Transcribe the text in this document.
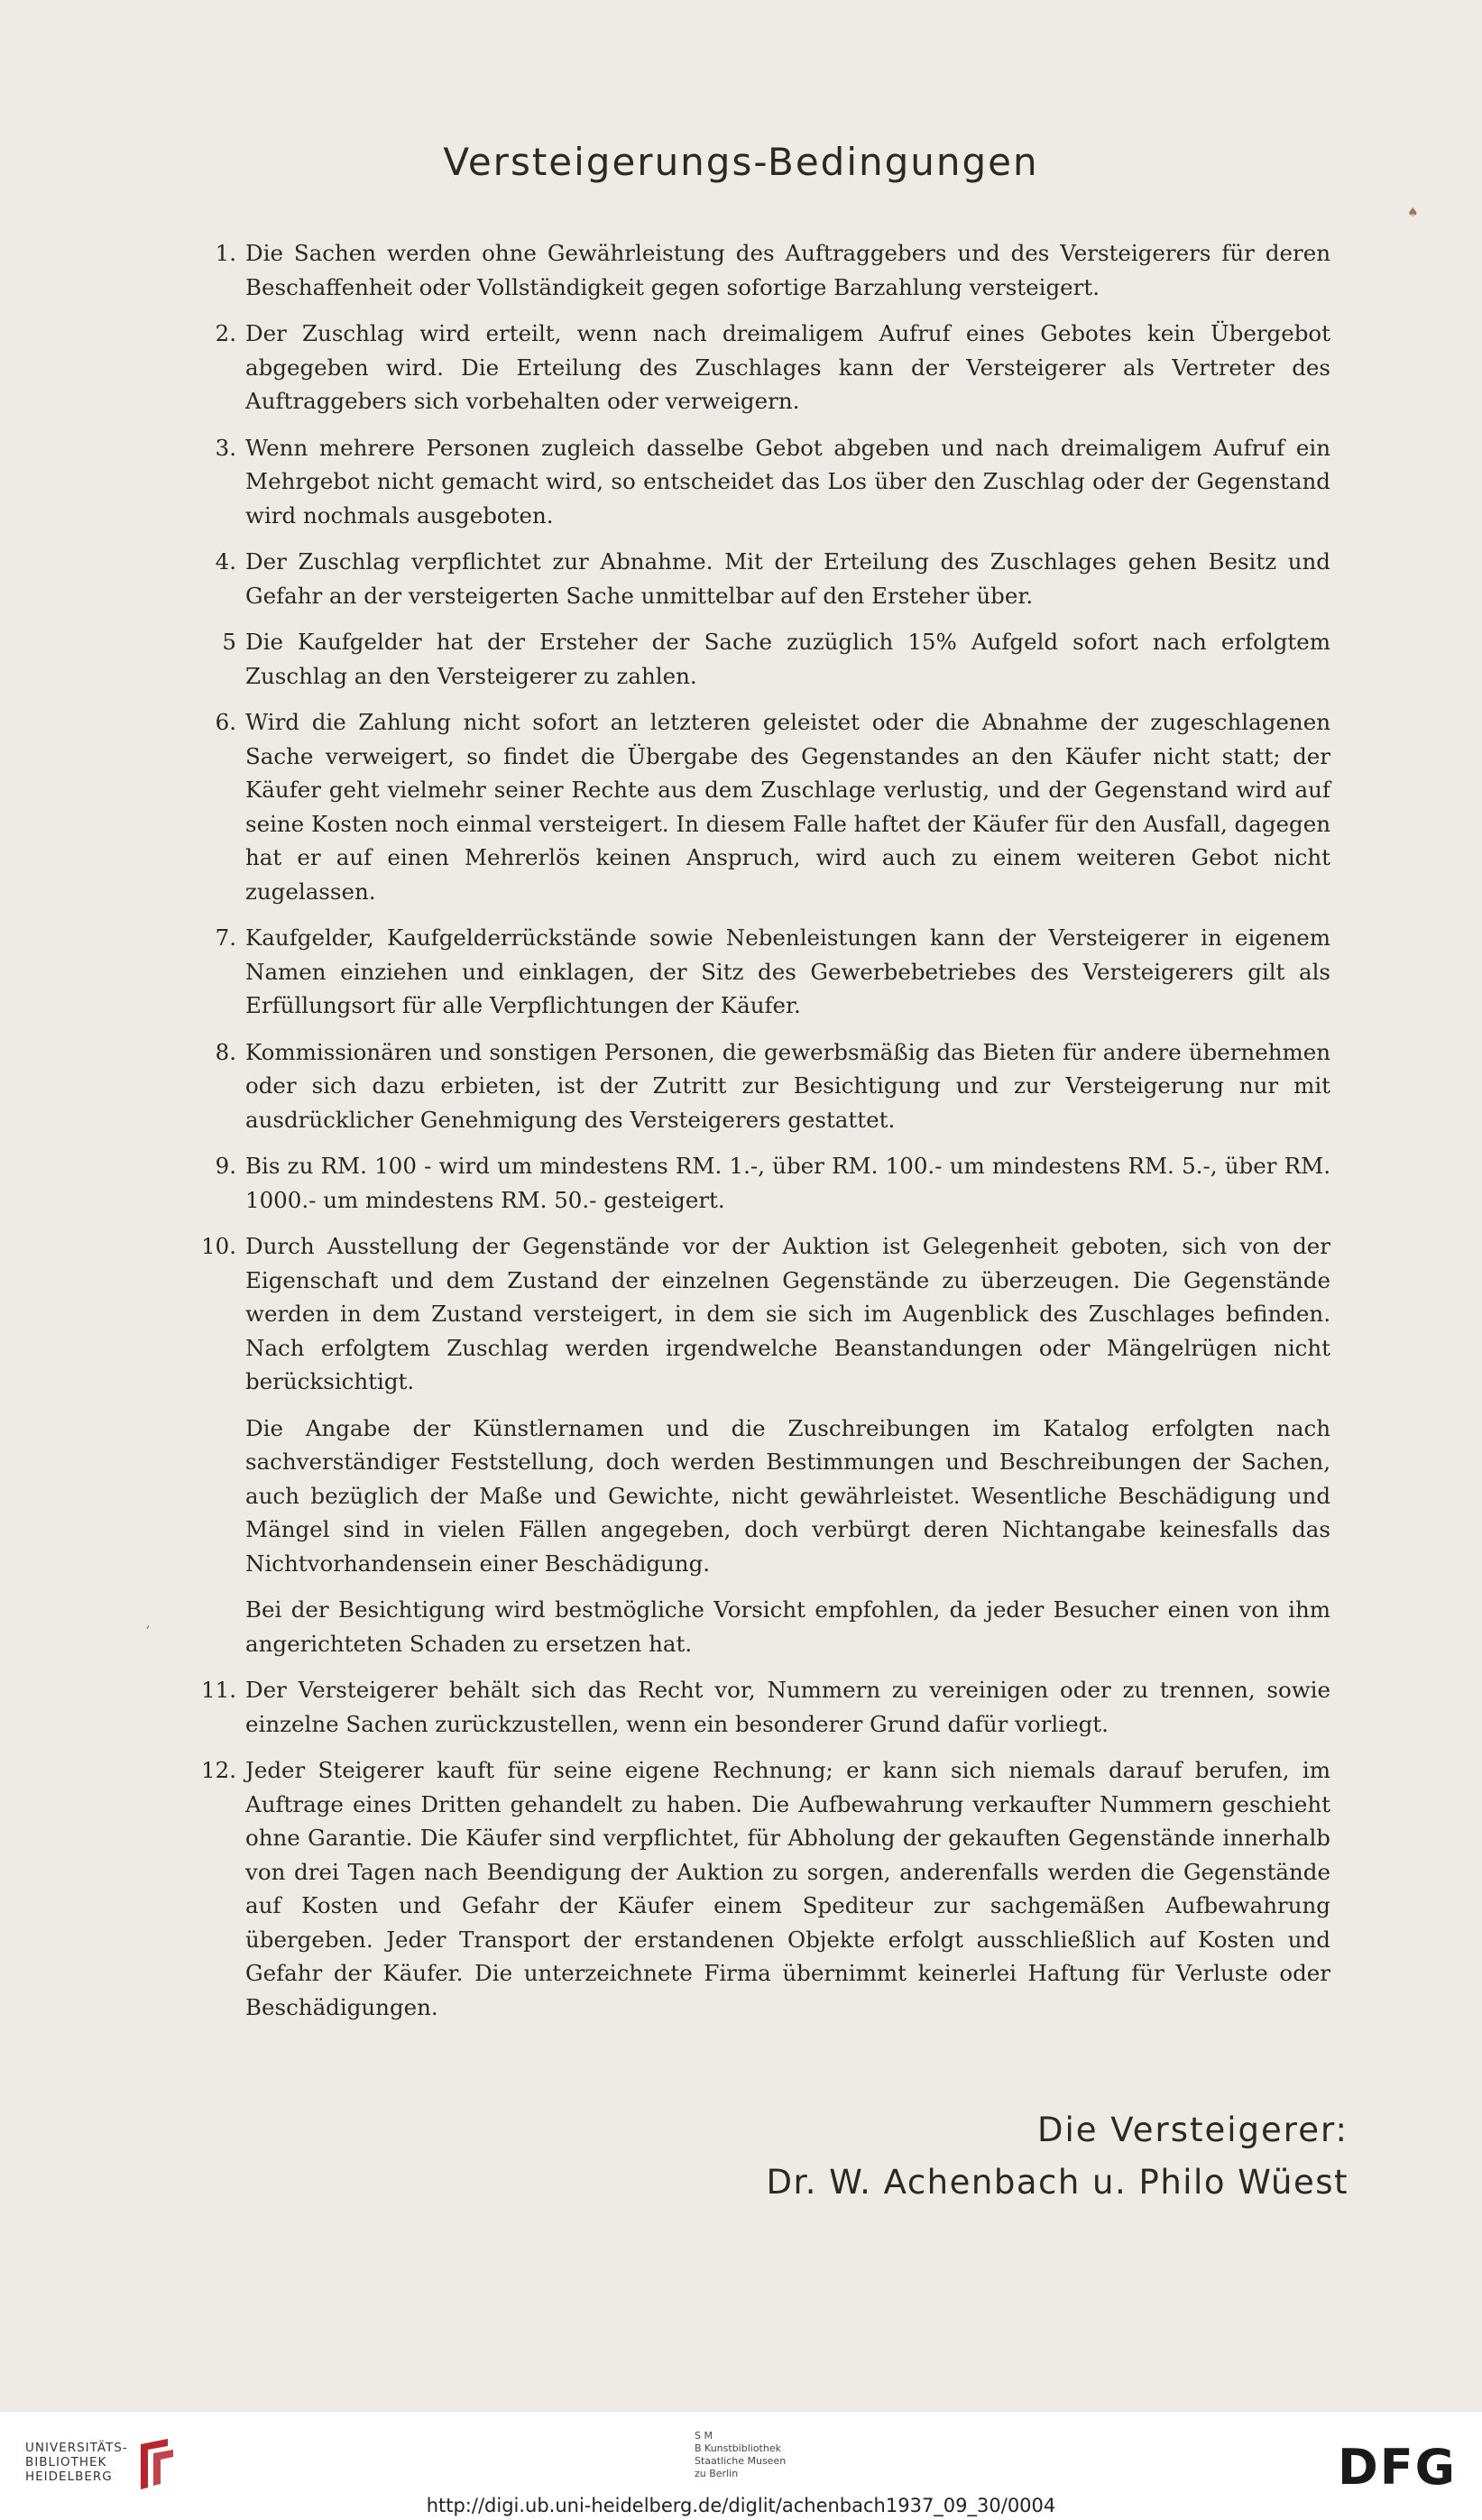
Versteigerungs-Bedingungen
♠
,
1. Die Sachen werden ohne Gewährleistung des Auftraggebers und des Versteigerers für deren Beschaffenheit oder Vollständigkeit gegen sofortige Barzahlung versteigert.

2. Der Zuschlag wird erteilt, wenn nach dreimaligem Aufruf eines Gebotes kein Übergebot abgegeben wird. Die Erteilung des Zuschlages kann der Versteigerer als Vertreter des Auftraggebers sich vorbehalten oder verweigern.

3. Wenn mehrere Personen zugleich dasselbe Gebot abgeben und nach dreimaligem Aufruf ein Mehrgebot nicht gemacht wird, so entscheidet das Los über den Zuschlag oder der Gegenstand wird nochmals ausgeboten.

4. Der Zuschlag verpflichtet zur Abnahme. Mit der Erteilung des Zuschlages gehen Besitz und Gefahr an der versteigerten Sache unmittelbar auf den Ersteher über.

5 Die Kaufgelder hat der Ersteher der Sache zuzüglich 15% Aufgeld sofort nach erfolgtem Zuschlag an den Versteigerer zu zahlen.

6. Wird die Zahlung nicht sofort an letzteren geleistet oder die Abnahme der zugeschlagenen Sache verweigert, so findet die Übergabe des Gegenstandes an den Käufer nicht statt; der Käufer geht vielmehr seiner Rechte aus dem Zuschlage verlustig, und der Gegenstand wird auf seine Kosten noch einmal versteigert. In diesem Falle haftet der Käufer für den Ausfall, dagegen hat er auf einen Mehrerlös keinen Anspruch, wird auch zu einem weiteren Gebot nicht zugelassen.

7. Kaufgelder, Kaufgelderrückstände sowie Nebenleistungen kann der Versteigerer in eigenem Namen einziehen und einklagen, der Sitz des Gewerbebetriebes des Versteigerers gilt als Erfüllungsort für alle Verpflichtungen der Käufer.

8. Kommissionären und sonstigen Personen, die gewerbsmäßig das Bieten für andere übernehmen oder sich dazu erbieten, ist der Zutritt zur Besichtigung und zur Versteigerung nur mit ausdrücklicher Genehmigung des Versteigerers gestattet.

9. Bis zu RM. 100 - wird um mindestens RM. 1.-, über RM. 100.- um mindestens RM. 5.-, über RM. 1000.- um mindestens RM. 50.- gesteigert.

10. Durch Ausstellung der Gegenstände vor der Auktion ist Gelegenheit geboten, sich von der Eigenschaft und dem Zustand der einzelnen Gegenstände zu überzeugen. Die Gegenstände werden in dem Zustand versteigert, in dem sie sich im Augenblick des Zuschlages befinden. Nach erfolgtem Zuschlag werden irgendwelche Beanstandungen oder Mängelrügen nicht berücksichtigt.

Die Angabe der Künstlernamen und die Zuschreibungen im Katalog erfolgten nach sachverständiger Feststellung, doch werden Bestimmungen und Beschreibungen der Sachen, auch bezüglich der Maße und Gewichte, nicht gewährleistet. Wesentliche Beschädigung und Mängel sind in vielen Fällen angegeben, doch verbürgt deren Nichtangabe keinesfalls das Nichtvorhandensein einer Beschädigung.

Bei der Besichtigung wird bestmögliche Vorsicht empfohlen, da jeder Besucher einen von ihm angerichteten Schaden zu ersetzen hat.

11. Der Versteigerer behält sich das Recht vor, Nummern zu vereinigen oder zu trennen, sowie einzelne Sachen zurückzustellen, wenn ein besonderer Grund dafür vorliegt.

12. Jeder Steigerer kauft für seine eigene Rechnung; er kann sich niemals darauf berufen, im Auftrage eines Dritten gehandelt zu haben. Die Aufbewahrung verkaufter Nummern geschieht ohne Garantie. Die Käufer sind verpflichtet, für Abholung der gekauften Gegenstände innerhalb von drei Tagen nach Beendigung der Auktion zu sorgen, anderenfalls werden die Gegenstände auf Kosten und Gefahr der Käufer einem Spediteur zur sachgemäßen Aufbewahrung übergeben. Jeder Transport der erstandenen Objekte erfolgt ausschließlich auf Kosten und Gefahr der Käufer. Die unterzeichnete Firma übernimmt keinerlei Haftung für Verluste oder Beschädigungen.

Die Versteigerer:
Dr. W. Achenbach u. Philo Wüest
UNIVERSITÄTS-
BIBLIOTHEK
HEIDELBERG
S M
B Kunstbibliothek
Staatliche Museen
zu Berlin	DFG
http://digi.ub.uni-heidelberg.de/diglit/achenbach1937_09_30/0004
